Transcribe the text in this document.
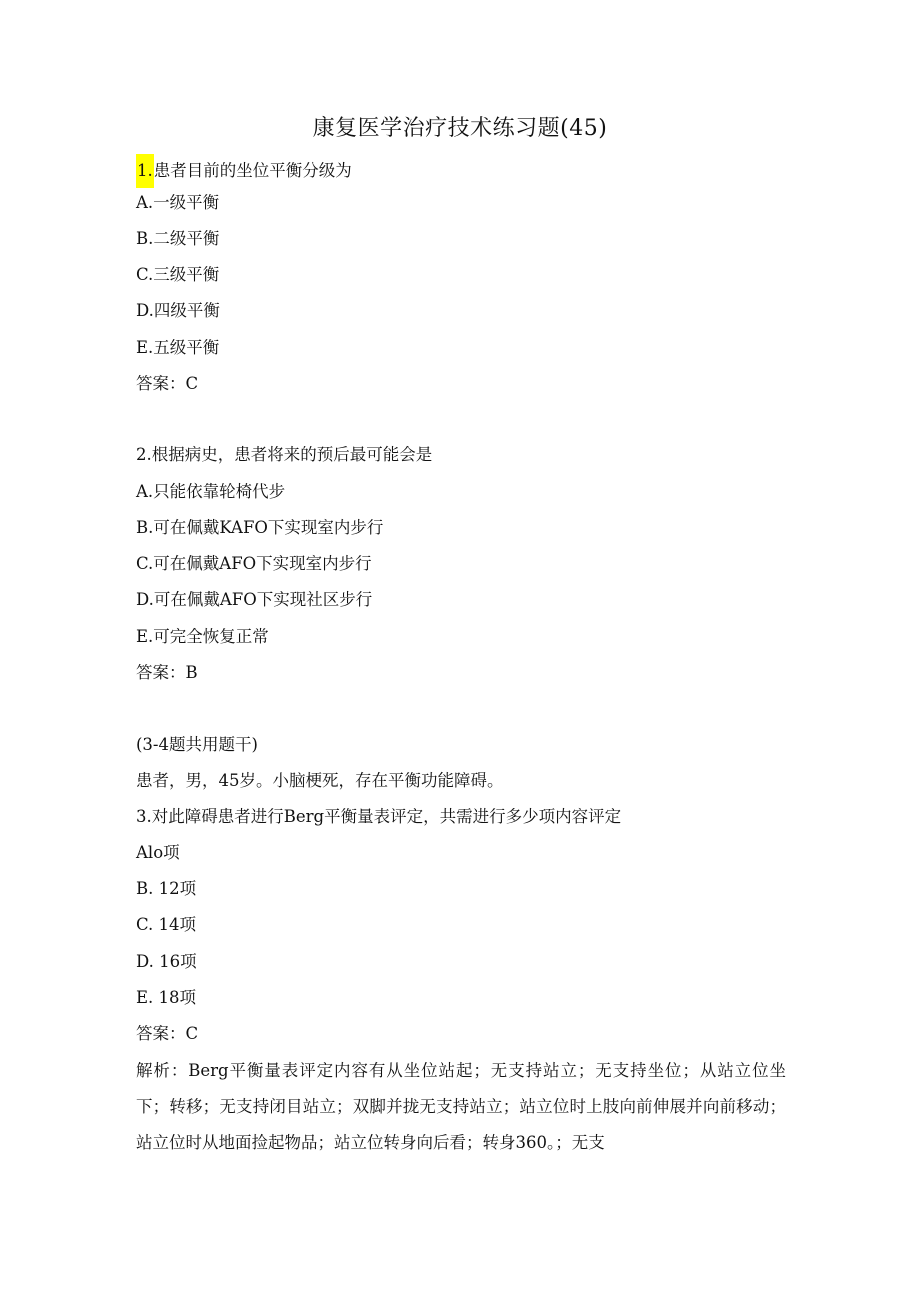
康复医学治疗技术练习题(45)
1.患者目前的坐位平衡分级为
A.一级平衡
B.二级平衡
C.三级平衡
D.四级平衡
E.五级平衡
答案：C
2.根据病史，患者将来的预后最可能会是
A.只能依靠轮椅代步
B.可在佩戴KAFO下实现室内步行
C.可在佩戴AFO下实现室内步行
D.可在佩戴AFO下实现社区步行
E.可完全恢复正常
答案：B
(3-4题共用题干)
患者，男，45岁。小脑梗死，存在平衡功能障碍。
3.对此障碍患者进行Berg平衡量表评定，共需进行多少项内容评定
Alo项
B. 12项
C. 14项
D. 16项
E. 18项
答案：C
解析：Berg平衡量表评定内容有从坐位站起；无支持站立；无支持坐位；从站立位坐下；转移；无支持闭目站立；双脚并拢无支持站立；站立位时上肢向前伸展并向前移动；站立位时从地面捡起物品；站立位转身向后看；转身360。；无支
